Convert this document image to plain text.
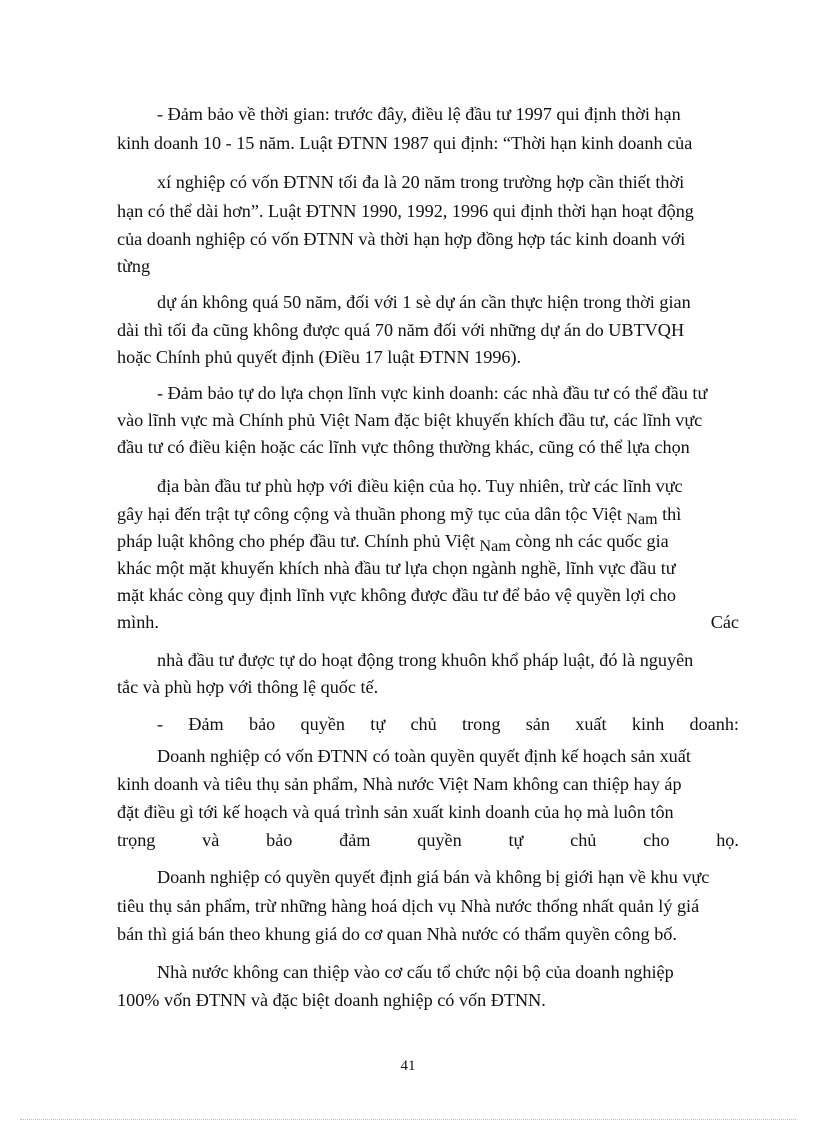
- Đảm bảo về thời gian: trước đây, điều lệ đầu tư 1997 qui định thời hạn
kinh doanh 10 - 15 năm. Luật ĐTNN 1987 qui định: “Thời hạn kinh doanh của
xí nghiệp có vốn ĐTNN tối đa là 20 năm trong trường hợp cần thiết thời
hạn có thể dài hơn”. Luật ĐTNN 1990, 1992, 1996 qui định thời hạn hoạt động
của doanh nghiệp có vốn ĐTNN và thời hạn hợp đồng hợp tác kinh doanh với
từng
dự án không quá 50 năm, đối với 1 sè dự án cần thực hiện trong thời gian
dài thì tối đa cũng không được quá 70 năm đối với những dự án do UBTVQH
hoặc Chính phủ quyết định (Điều 17 luật ĐTNN 1996).
- Đảm bảo tự do lựa chọn lĩnh vực kinh doanh: các nhà đầu tư có thể đầu tư
vào lĩnh vực mà Chính phủ Việt Nam đặc biệt khuyến khích đầu tư, các lĩnh vực
đầu tư có điều kiện hoặc các lĩnh vực thông thường khác, cũng có thể lựa chọn
địa bàn đầu tư phù hợp với điều kiện của họ. Tuy nhiên, trừ các lĩnh vực
gây hại đến trật tự công cộng và thuần phong mỹ tục của dân tộc Việt Nam thì
pháp luật không cho phép đầu tư. Chính phủ Việt Nam còng nh các quốc gia
khác một mặt khuyến khích nhà đầu tư lựa chọn ngành nghề, lĩnh vực đầu tư
mặt khác còng quy định lĩnh vực không được đầu tư để bảo vệ quyền lợi cho
mình.	Các
nhà đầu tư được tự do hoạt động trong khuôn khổ pháp luật, đó là nguyên
tắc và phù hợp với thông lệ quốc tế.
- Đảm bảo quyền tự chủ trong sản xuất kinh doanh:
Doanh nghiệp có vốn ĐTNN có toàn quyền quyết định kế hoạch sản xuất
kinh doanh và tiêu thụ sản phẩm, Nhà nước Việt Nam không can thiệp hay áp
đặt điều gì tới kế hoạch và quá trình sản xuất kinh doanh của họ mà luôn tôn
trọng	và	bảo	đảm	quyền	tự	chủ	cho	họ.
Doanh nghiệp có quyền quyết định giá bán và không bị giới hạn về khu vực
tiêu thụ sản phẩm, trừ những hàng hoá dịch vụ Nhà nước thống nhất quản lý giá
bán thì giá bán theo khung giá do cơ quan Nhà nước có thẩm quyền công bố.
Nhà nước không can thiệp vào cơ cấu tổ chức nội bộ của doanh nghiệp
100% vốn ĐTNN và đặc biệt doanh nghiệp có vốn ĐTNN.
41
